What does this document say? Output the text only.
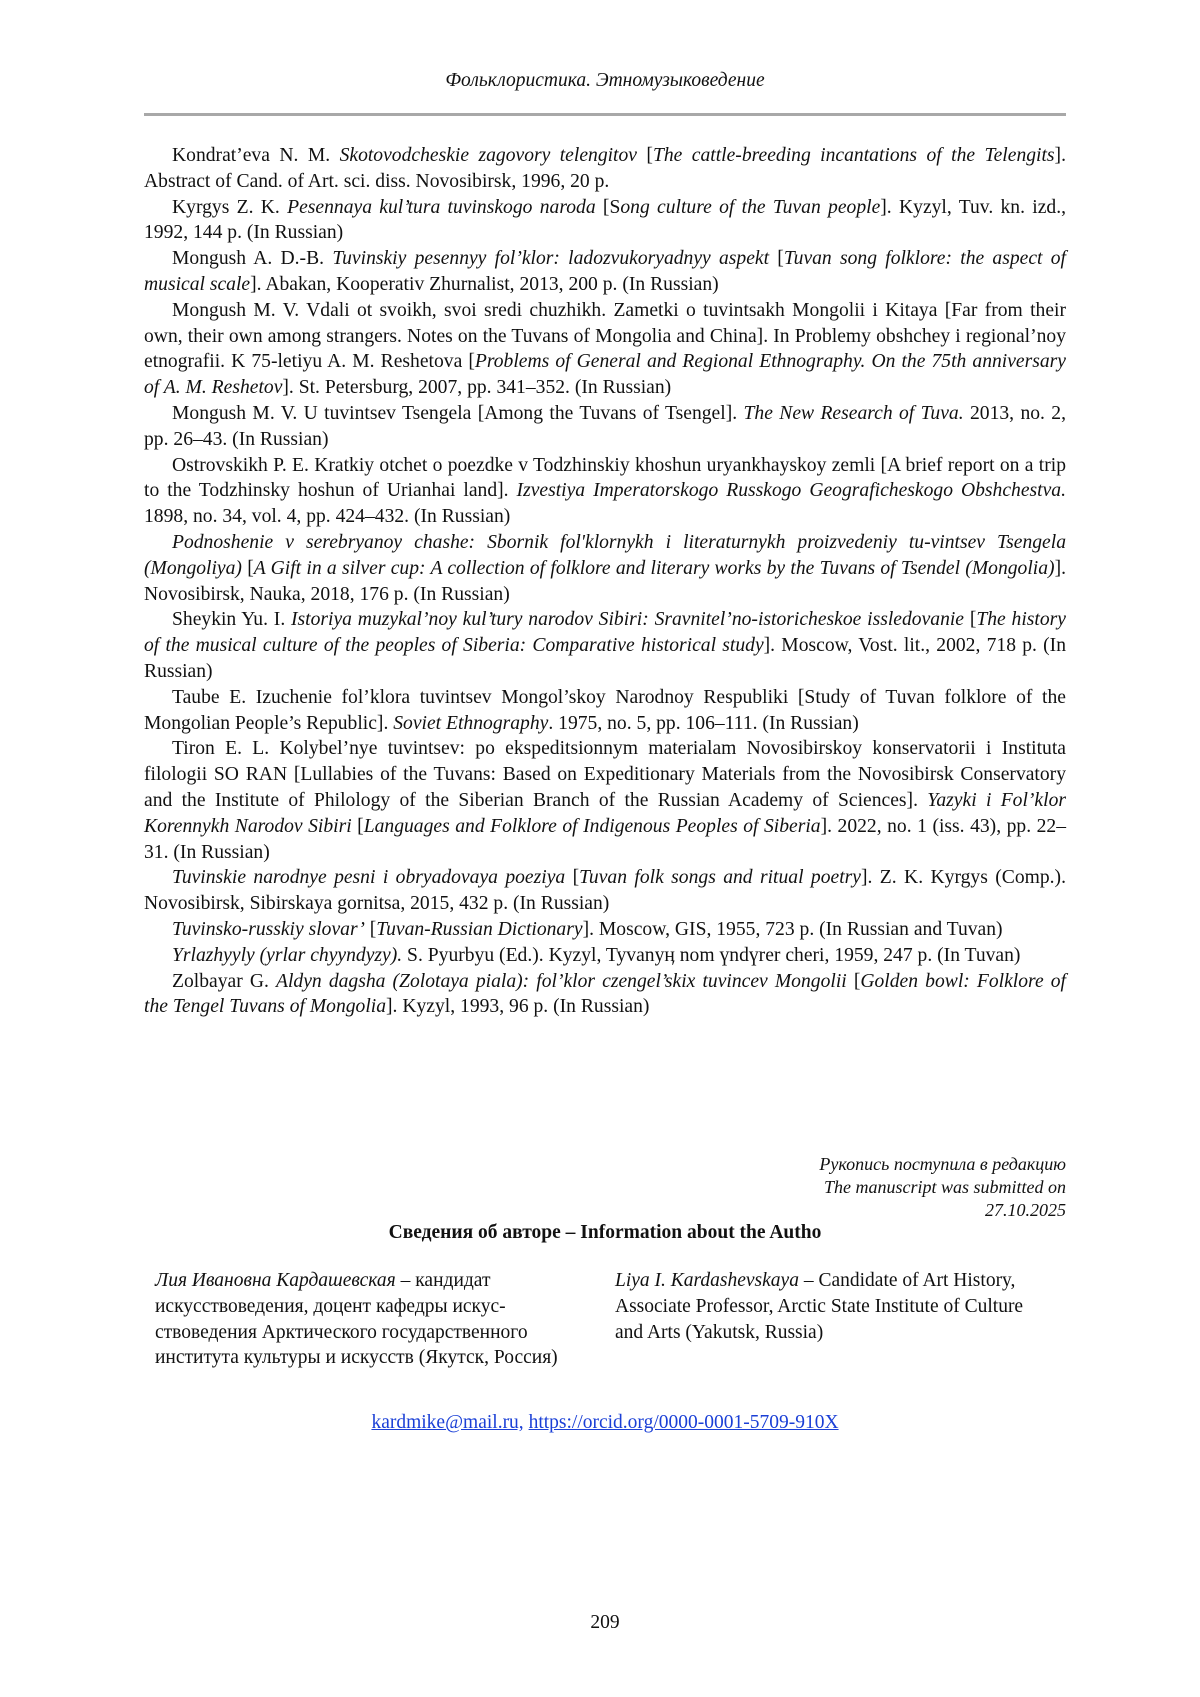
Фольклористика. Этномузыковедение

Kondrat’eva N. M. Skotovodcheskie zagovory telengitov [The cattle-breeding incantations of the Telengits]. Abstract of Cand. of Art. sci. diss. Novosibirsk, 1996, 20 p.

Kyrgys Z. K. Pesennaya kul’tura tuvinskogo naroda [Song culture of the Tuvan people]. Kyzyl, Tuv. kn. izd., 1992, 144 p. (In Russian)

Mongush A. D.-B. Tuvinskiy pesennyy fol’klor: ladozvukoryadnyy aspekt [Tuvan song folklore: the aspect of musical scale]. Abakan, Kooperativ Zhurnalist, 2013, 200 p. (In Russian)

Mongush M. V. Vdali ot svoikh, svoi sredi chuzhikh. Zametki o tuvintsakh Mongolii i Kitaya [Far from their own, their own among strangers. Notes on the Tuvans of Mongolia and China]. In Problemy obshchey i regional’noy etnografii. K 75-letiyu A. M. Reshetova [Problems of General and Regional Ethnography. On the 75th anniversary of A. M. Reshetov]. St. Petersburg, 2007, pp. 341–352. (In Russian)

Mongush M. V. U tuvintsev Tsengela [Among the Tuvans of Tsengel]. The New Research of Tuva. 2013, no. 2, pp. 26–43. (In Russian)

Ostrovskikh P. E. Kratkiy otchet o poezdke v Todzhinskiy khoshun uryankhayskoy zemli [A brief report on a trip to the Todzhinsky hoshun of Urianhai land]. Izvestiya Imperatorskogo Russkogo Geograficheskogo Obshchestva. 1898, no. 34, vol. 4, pp. 424–432. (In Russian)

Podnoshenie v serebryanoy chashe: Sbornik fol'klornykh i literaturnykh proizvedeniy tu-vintsev Tsengela (Mongoliya) [A Gift in a silver cup: A collection of folklore and literary works by the Tuvans of Tsendel (Mongolia)]. Novosibirsk, Nauka, 2018, 176 p. (In Russian)

Sheykin Yu. I. Istoriya muzykal’noy kul’tury narodov Sibiri: Sravnitel’no-istoricheskoe issledovanie [The history of the musical culture of the peoples of Siberia: Comparative historical study]. Moscow, Vost. lit., 2002, 718 p. (In Russian)

Taube E. Izuchenie fol’klora tuvintsev Mongol’skoy Narodnoy Respubliki [Study of Tuvan folklore of the Mongolian People’s Republic]. Soviet Ethnography. 1975, no. 5, pp. 106–111. (In Russian)

Tiron E. L. Kolybel’nye tuvintsev: po ekspeditsionnym materialam Novosibirskoy konservatorii i Instituta filologii SO RAN [Lullabies of the Tuvans: Based on Expeditionary Materials from the Novosibirsk Conservatory and the Institute of Philology of the Siberian Branch of the Russian Academy of Sciences]. Yazyki i Fol’klor Korennykh Narodov Sibiri [Languages and Folklore of Indigenous Peoples of Siberia]. 2022, no. 1 (iss. 43), pp. 22–31. (In Russian)

Tuvinskie narodnye pesni i obryadovaya poeziya [Tuvan folk songs and ritual poetry]. Z. K. Kyrgys (Comp.). Novosibirsk, Sibirskaya gornitsa, 2015, 432 p. (In Russian)

Tuvinsko-russkiy slovar’ [Tuvan-Russian Dictionary]. Moscow, GIS, 1955, 723 p. (In Russian and Tuvan)

Yrlazhyyly (yrlar chyyndyzy). S. Pyurbyu (Ed.). Kyzyl, Tyvanyӊ nom үndүrer cheri, 1959, 247 p. (In Tuvan)

Zolbayar G. Aldyn dagsha (Zolotaya piala): fol’klor czengel’skix tuvincev Mongolii [Golden bowl: Folklore of the Tengel Tuvans of Mongolia]. Kyzyl, 1993, 96 p. (In Russian)

Рукопись поступила в редакцию
The manuscript was submitted on
27.10.2025
Сведения об авторе – Information about the Autho
Лия Ивановна Кардашевская – кандидат искусствоведения, доцент кафедры искус-ствоведения Арктического государственного института культуры и искусств (Якутск, Россия)
Liya I. Kardashevskaya – Candidate of Art History, Associate Professor, Arctic State Institute of Culture and Arts (Yakutsk, Russia)
kardmike@mail.ru, https://orcid.org/0000-0001-5709-910X
209
